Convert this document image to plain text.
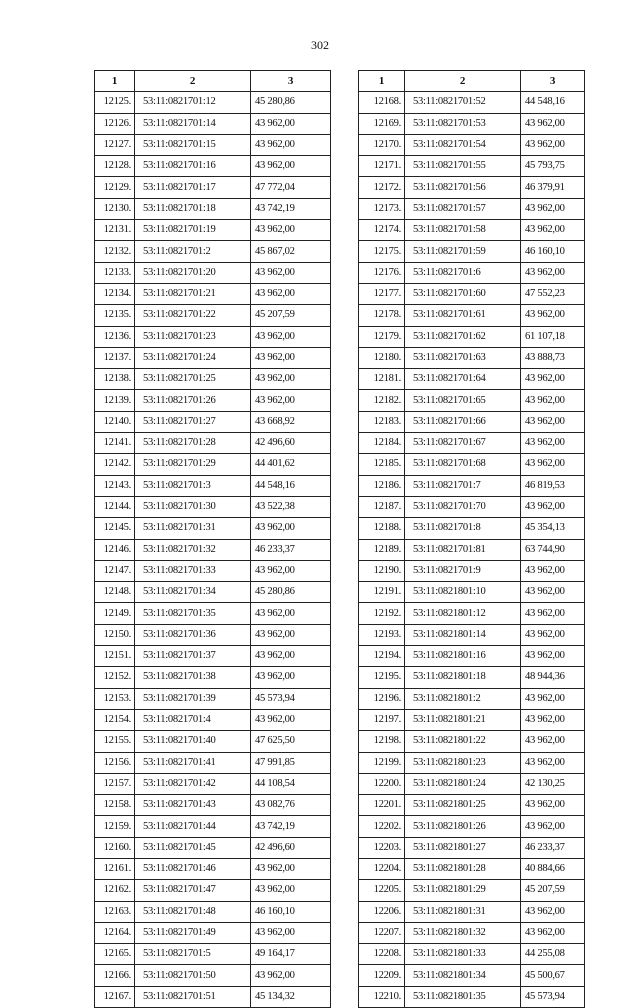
302
1	2	3
12125.	53:11:0821701:12	45 280,86
12126.	53:11:0821701:14	43 962,00
12127.	53:11:0821701:15	43 962,00
12128.	53:11:0821701:16	43 962,00
12129.	53:11:0821701:17	47 772,04
12130.	53:11:0821701:18	43 742,19
12131.	53:11:0821701:19	43 962,00
12132.	53:11:0821701:2	45 867,02
12133.	53:11:0821701:20	43 962,00
12134.	53:11:0821701:21	43 962,00
12135.	53:11:0821701:22	45 207,59
12136.	53:11:0821701:23	43 962,00
12137.	53:11:0821701:24	43 962,00
12138.	53:11:0821701:25	43 962,00
12139.	53:11:0821701:26	43 962,00
12140.	53:11:0821701:27	43 668,92
12141.	53:11:0821701:28	42 496,60
12142.	53:11:0821701:29	44 401,62
12143.	53:11:0821701:3	44 548,16
12144.	53:11:0821701:30	43 522,38
12145.	53:11:0821701:31	43 962,00
12146.	53:11:0821701:32	46 233,37
12147.	53:11:0821701:33	43 962,00
12148.	53:11:0821701:34	45 280,86
12149.	53:11:0821701:35	43 962,00
12150.	53:11:0821701:36	43 962,00
12151.	53:11:0821701:37	43 962,00
12152.	53:11:0821701:38	43 962,00
12153.	53:11:0821701:39	45 573,94
12154.	53:11:0821701:4	43 962,00
12155.	53:11:0821701:40	47 625,50
12156.	53:11:0821701:41	47 991,85
12157.	53:11:0821701:42	44 108,54
12158.	53:11:0821701:43	43 082,76
12159.	53:11:0821701:44	43 742,19
12160.	53:11:0821701:45	42 496,60
12161.	53:11:0821701:46	43 962,00
12162.	53:11:0821701:47	43 962,00
12163.	53:11:0821701:48	46 160,10
12164.	53:11:0821701:49	43 962,00
12165.	53:11:0821701:5	49 164,17
12166.	53:11:0821701:50	43 962,00
12167.	53:11:0821701:51	45 134,32
1	2	3
12168.	53:11:0821701:52	44 548,16
12169.	53:11:0821701:53	43 962,00
12170.	53:11:0821701:54	43 962,00
12171.	53:11:0821701:55	45 793,75
12172.	53:11:0821701:56	46 379,91
12173.	53:11:0821701:57	43 962,00
12174.	53:11:0821701:58	43 962,00
12175.	53:11:0821701:59	46 160,10
12176.	53:11:0821701:6	43 962,00
12177.	53:11:0821701:60	47 552,23
12178.	53:11:0821701:61	43 962,00
12179.	53:11:0821701:62	61 107,18
12180.	53:11:0821701:63	43 888,73
12181.	53:11:0821701:64	43 962,00
12182.	53:11:0821701:65	43 962,00
12183.	53:11:0821701:66	43 962,00
12184.	53:11:0821701:67	43 962,00
12185.	53:11:0821701:68	43 962,00
12186.	53:11:0821701:7	46 819,53
12187.	53:11:0821701:70	43 962,00
12188.	53:11:0821701:8	45 354,13
12189.	53:11:0821701:81	63 744,90
12190.	53:11:0821701:9	43 962,00
12191.	53:11:0821801:10	43 962,00
12192.	53:11:0821801:12	43 962,00
12193.	53:11:0821801:14	43 962,00
12194.	53:11:0821801:16	43 962,00
12195.	53:11:0821801:18	48 944,36
12196.	53:11:0821801:2	43 962,00
12197.	53:11:0821801:21	43 962,00
12198.	53:11:0821801:22	43 962,00
12199.	53:11:0821801:23	43 962,00
12200.	53:11:0821801:24	42 130,25
12201.	53:11:0821801:25	43 962,00
12202.	53:11:0821801:26	43 962,00
12203.	53:11:0821801:27	46 233,37
12204.	53:11:0821801:28	40 884,66
12205.	53:11:0821801:29	45 207,59
12206.	53:11:0821801:31	43 962,00
12207.	53:11:0821801:32	43 962,00
12208.	53:11:0821801:33	44 255,08
12209.	53:11:0821801:34	45 500,67
12210.	53:11:0821801:35	45 573,94
